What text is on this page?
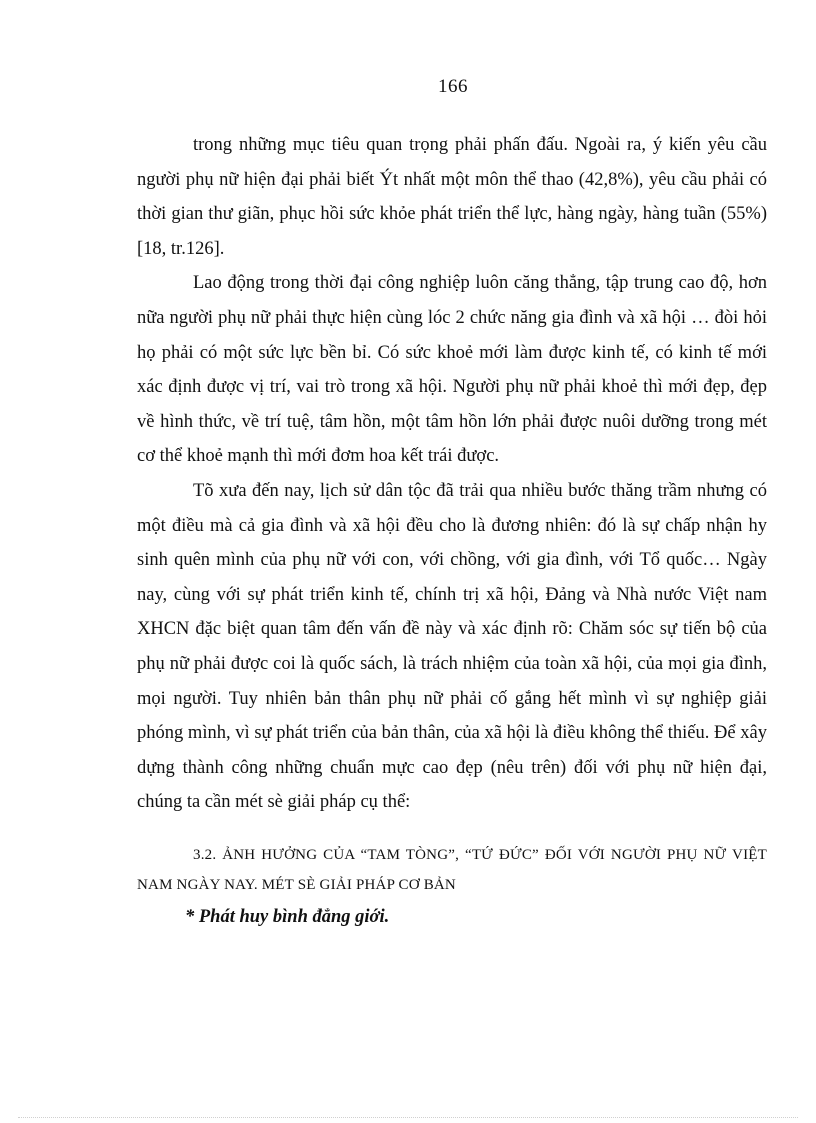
166

trong những mục tiêu quan trọng phải phấn đấu. Ngoài ra, ý kiến yêu cầu người phụ nữ hiện đại phải biết Ýt nhất một môn thể thao (42,8%), yêu cầu phải có thời gian thư giãn, phục hồi sức khỏe phát triển thể lực, hàng ngày, hàng tuần (55%) [18, tr.126].

Lao động trong thời đại công nghiệp luôn căng thẳng, tập trung cao độ, hơn nữa người phụ nữ phải thực hiện cùng lóc 2 chức năng gia đình và xã hội … đòi hỏi họ phải có một sức lực bền bỉ. Có sức khoẻ mới làm được kinh tế, có kinh tế mới xác định được vị trí, vai trò trong xã hội. Người phụ nữ phải khoẻ thì mới đẹp, đẹp về hình thức, về trí tuệ, tâm hồn, một tâm hồn lớn phải được nuôi dưỡng trong mét cơ thể khoẻ mạnh thì mới đơm hoa kết trái được.

Tõ xưa đến nay, lịch sử dân tộc đã trải qua nhiều bước thăng trầm nhưng có một điều mà cả gia đình và xã hội đều cho là đương nhiên: đó là sự chấp nhận hy sinh quên mình của phụ nữ với con, với chồng, với gia đình, với Tổ quốc… Ngày nay, cùng với sự phát triển kinh tế, chính trị xã hội, Đảng và Nhà nước Việt nam XHCN đặc biệt quan tâm đến vấn đề này và xác định rõ: Chăm sóc sự tiến bộ của phụ nữ phải được coi là quốc sách, là trách nhiệm của toàn xã hội, của mọi gia đình, mọi người. Tuy nhiên bản thân phụ nữ phải cố gắng hết mình vì sự nghiệp giải phóng mình, vì sự phát triển của bản thân, của xã hội là điều không thể thiếu. Để xây dựng thành công những chuẩn mực cao đẹp (nêu trên) đối với phụ nữ hiện đại, chúng ta cần mét sè giải pháp cụ thể:

3.2. ẢNH HƯỞNG CỦA “TAM TÒNG”, “TỨ ĐỨC” ĐỐI VỚI NGƯỜI PHỤ NỮ VIỆT NAM NGÀY NAY. MÉT SÈ GIẢI PHÁP CƠ BẢN

* Phát huy bình đẳng giới.
